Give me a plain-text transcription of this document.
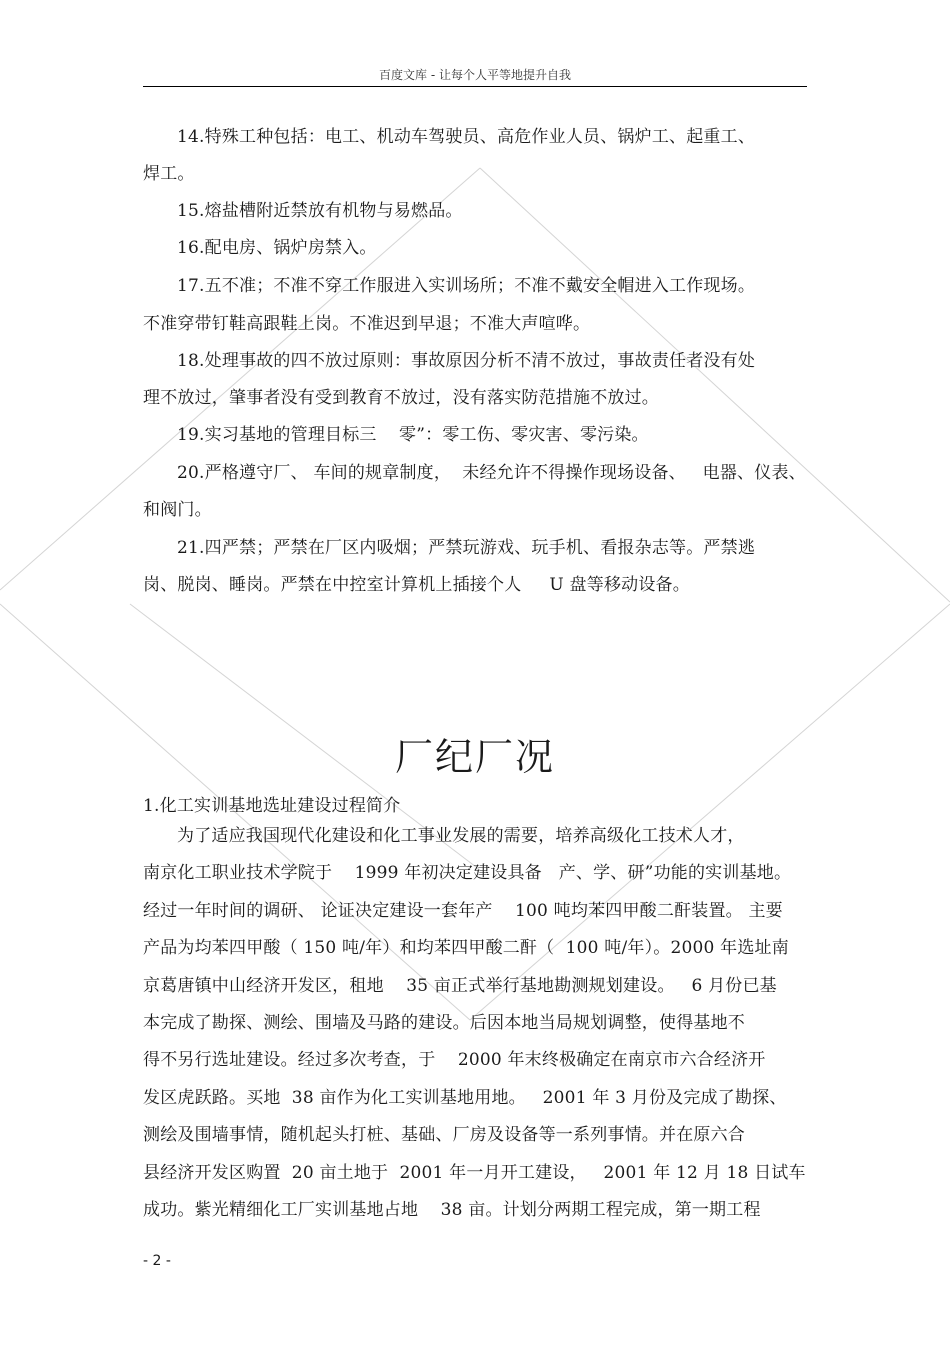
百度文库 - 让每个人平等地提升自我
14.特殊工种包括：电工、机动车驾驶员、高危作业人员、锅炉工、起重工、
焊工。
15.熔盐槽附近禁放有机物与易燃品。
16.配电房、锅炉房禁入。
17.五不准；不准不穿工作服进入实训场所；不准不戴安全帽进入工作现场。
不准穿带钉鞋高跟鞋上岗。不准迟到早退；不准大声喧哗。
18.处理事故的四不放过原则：事故原因分析不清不放过，事故责任者没有处
理不放过，肇事者没有受到教育不放过，没有落实防范措施不放过。
19.实习基地的管理目标三    零”：零工伤、零灾害、零污染。
20.严格遵守厂、 车间的规章制度，  未经允许不得操作现场设备、   电器、仪表、
和阀门。
21.四严禁；严禁在厂区内吸烟；严禁玩游戏、玩手机、看报杂志等。严禁逃
岗、脱岗、睡岗。严禁在中控室计算机上插接个人     U 盘等移动设备。
厂纪厂况
1.化工实训基地选址建设过程简介
为了适应我国现代化建设和化工事业发展的需要，培养高级化工技术人才，
南京化工职业技术学院于    1999 年初决定建设具备   产、学、研”功能的实训基地。
经过一年时间的调研、 论证决定建设一套年产    100 吨均苯四甲酸二酐装置。 主要
产品为均苯四甲酸（ 150 吨/年）和均苯四甲酸二酐（  100 吨/年）。2000 年选址南
京葛唐镇中山经济开发区，租地    35 亩正式举行基地勘测规划建设。   6 月份已基
本完成了勘探、测绘、围墙及马路的建设。后因本地当局规划调整，使得基地不
得不另行选址建设。经过多次考查，于    2000 年末终极确定在南京市六合经济开
发区虎跃路。买地  38 亩作为化工实训基地用地。   2001 年 3 月份及完成了勘探、
测绘及围墙事情，随机起头打桩、基础、厂房及设备等一系列事情。并在原六合
县经济开发区购置  20 亩土地于  2001 年一月开工建设，   2001 年 12 月 18 日试车
成功。紫光精细化工厂实训基地占地    38 亩。计划分两期工程完成，第一期工程
- 2 -
